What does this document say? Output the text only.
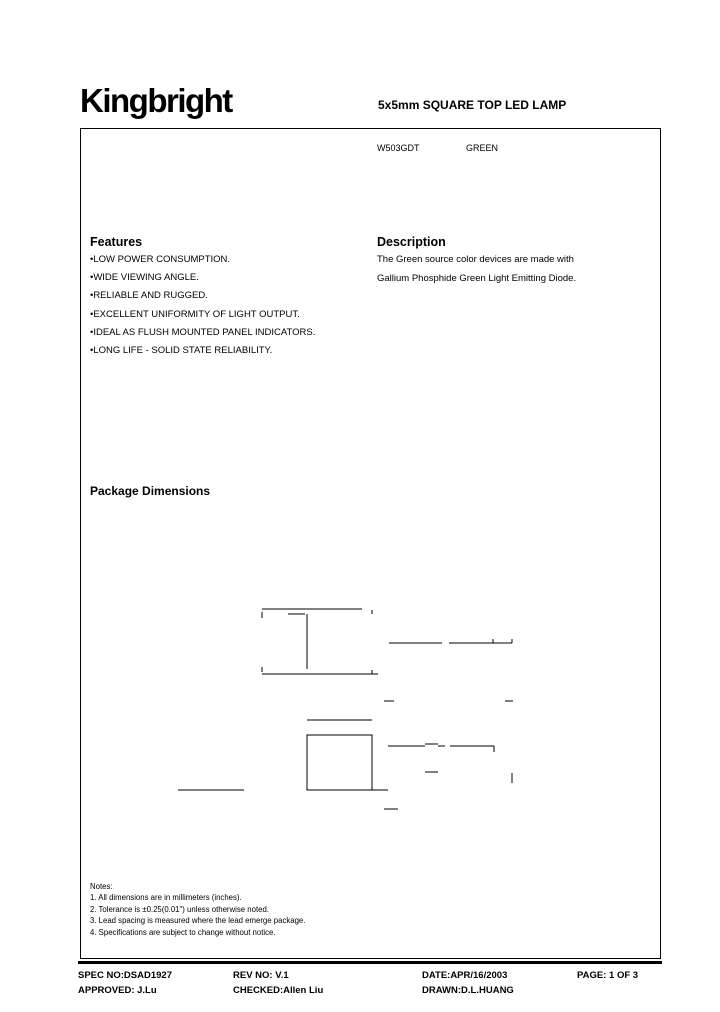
Kingbright	5x5mm SQUARE TOP LED LAMP
W503GDT	GREEN
Features
•LOW POWER CONSUMPTION.
•WIDE VIEWING ANGLE.
•RELIABLE AND RUGGED.
•EXCELLENT UNIFORMITY OF LIGHT OUTPUT.
•IDEAL AS FLUSH MOUNTED PANEL INDICATORS.
•LONG LIFE - SOLID STATE RELIABILITY.
Description
The Green source color devices are made with
Gallium Phosphide Green Light Emitting Diode.
Package Dimensions
Notes:
1. All dimensions are in millimeters (inches).
2. Tolerance is ±0.25(0.01") unless otherwise noted.
3. Lead spacing is measured where the lead emerge package.
4. Specifications are subject to change without notice.
SPEC NO:DSAD1927	REV NO: V.1	DATE:APR/16/2003	PAGE: 1 OF 3
APPROVED: J.Lu	CHECKED:Allen Liu	DRAWN:D.L.HUANG
